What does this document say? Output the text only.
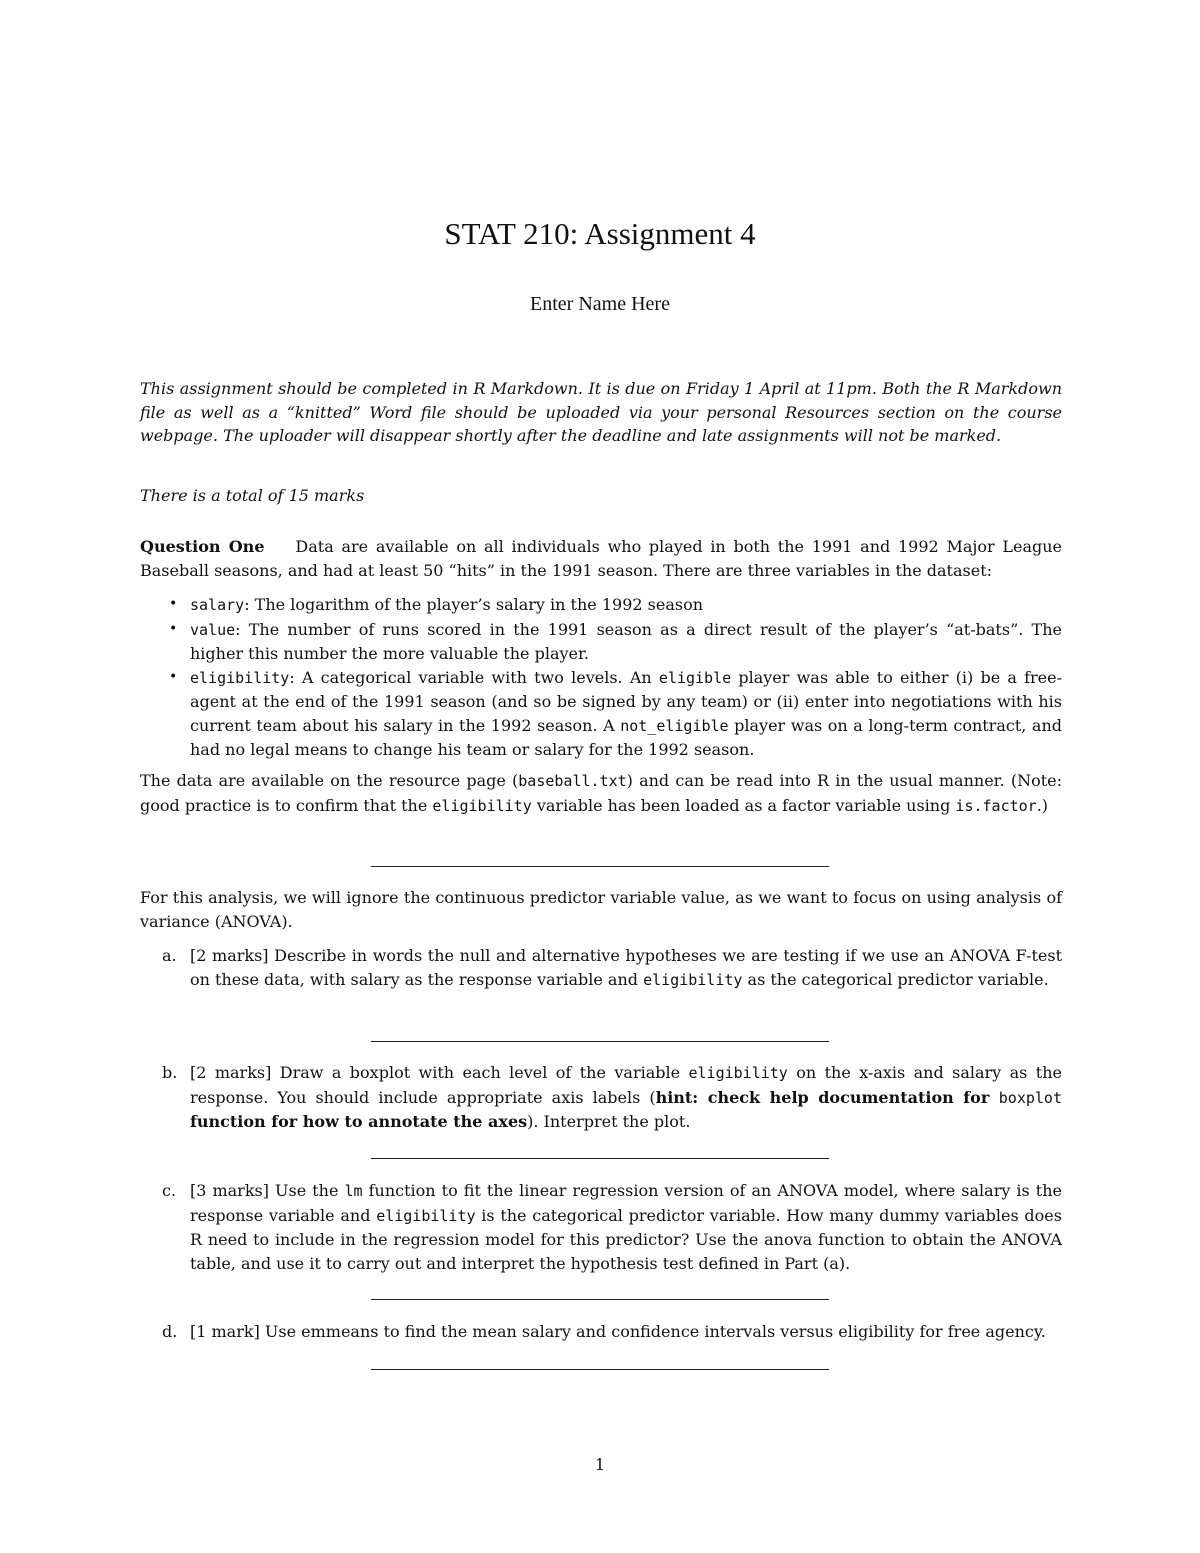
STAT 210: Assignment 4
Enter Name Here
This assignment should be completed in R Markdown. It is due on Friday 1 April at 11pm. Both the R Markdown file as well as a “knitted” Word file should be uploaded via your personal Resources section on the course webpage. The uploader will disappear shortly after the deadline and late assignments will not be marked.
There is a total of 15 marks
Question One Data are available on all individuals who played in both the 1991 and 1992 Major League Baseball seasons, and had at least 50 “hits” in the 1991 season. There are three variables in the dataset:
• salary: The logarithm of the player’s salary in the 1992 season
• value: The number of runs scored in the 1991 season as a direct result of the player’s “at-bats”. The higher this number the more valuable the player.
• eligibility: A categorical variable with two levels. An eligible player was able to either (i) be a free-agent at the end of the 1991 season (and so be signed by any team) or (ii) enter into negotiations with his current team about his salary in the 1992 season. A not_eligible player was on a long-term contract, and had no legal means to change his team or salary for the 1992 season.
The data are available on the resource page (baseball.txt) and can be read into R in the usual manner. (Note: good practice is to confirm that the eligibility variable has been loaded as a factor variable using is.factor.)
For this analysis, we will ignore the continuous predictor variable value, as we want to focus on using analysis of variance (ANOVA).
a. [2 marks] Describe in words the null and alternative hypotheses we are testing if we use an ANOVA F-test on these data, with salary as the response variable and eligibility as the categorical predictor variable.
b. [2 marks] Draw a boxplot with each level of the variable eligibility on the x-axis and salary as the response. You should include appropriate axis labels (hint: check help documentation for boxplot function for how to annotate the axes). Interpret the plot.
c. [3 marks] Use the lm function to fit the linear regression version of an ANOVA model, where salary is the response variable and eligibility is the categorical predictor variable. How many dummy variables does R need to include in the regression model for this predictor? Use the anova function to obtain the ANOVA table, and use it to carry out and interpret the hypothesis test defined in Part (a).
d. [1 mark] Use emmeans to find the mean salary and confidence intervals versus eligibility for free agency.
1
